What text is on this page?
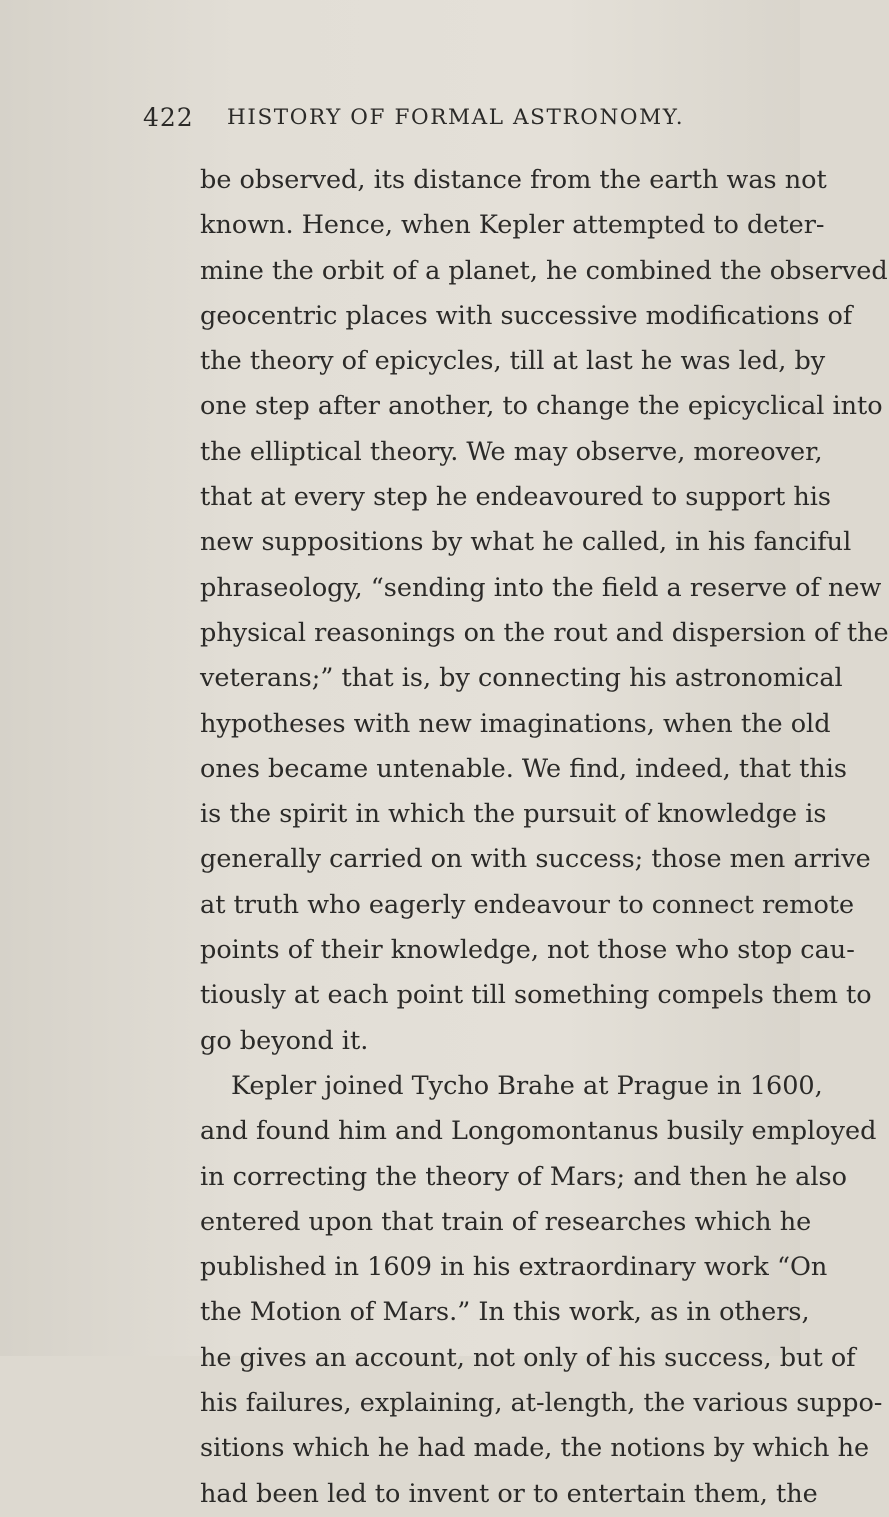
422 HISTORY OF FORMAL ASTRONOMY.
be observed, its distance from the earth was not
known. Hence, when Kepler attempted to deter-
mine the orbit of a planet, he combined the observed
geocentric places with successive modifications of
the theory of epicycles, till at last he was led, by
one step after another, to change the epicyclical into
the elliptical theory. We may observe, moreover,
that at every step he endeavoured to support his
new suppositions by what he called, in his fanciful
phraseology, “sending into the field a reserve of new
physical reasonings on the rout and dispersion of the
veterans;” that is, by connecting his astronomical
hypotheses with new imaginations, when the old
ones became untenable. We find, indeed, that this
is the spirit in which the pursuit of knowledge is
generally carried on with success; those men arrive
at truth who eagerly endeavour to connect remote
points of their knowledge, not those who stop cau-
tiously at each point till something compels them to
go beyond it.
Kepler joined Tycho Brahe at Prague in 1600,
and found him and Longomontanus busily employed
in correcting the theory of Mars; and then he also
entered upon that train of researches which he
published in 1609 in his extraordinary work “On
the Motion of Mars.” In this work, as in others,
he gives an account, not only of his success, but of
his failures, explaining, at-length, the various suppo-
sitions which he had made, the notions by which he
had been led to invent or to entertain them, the
